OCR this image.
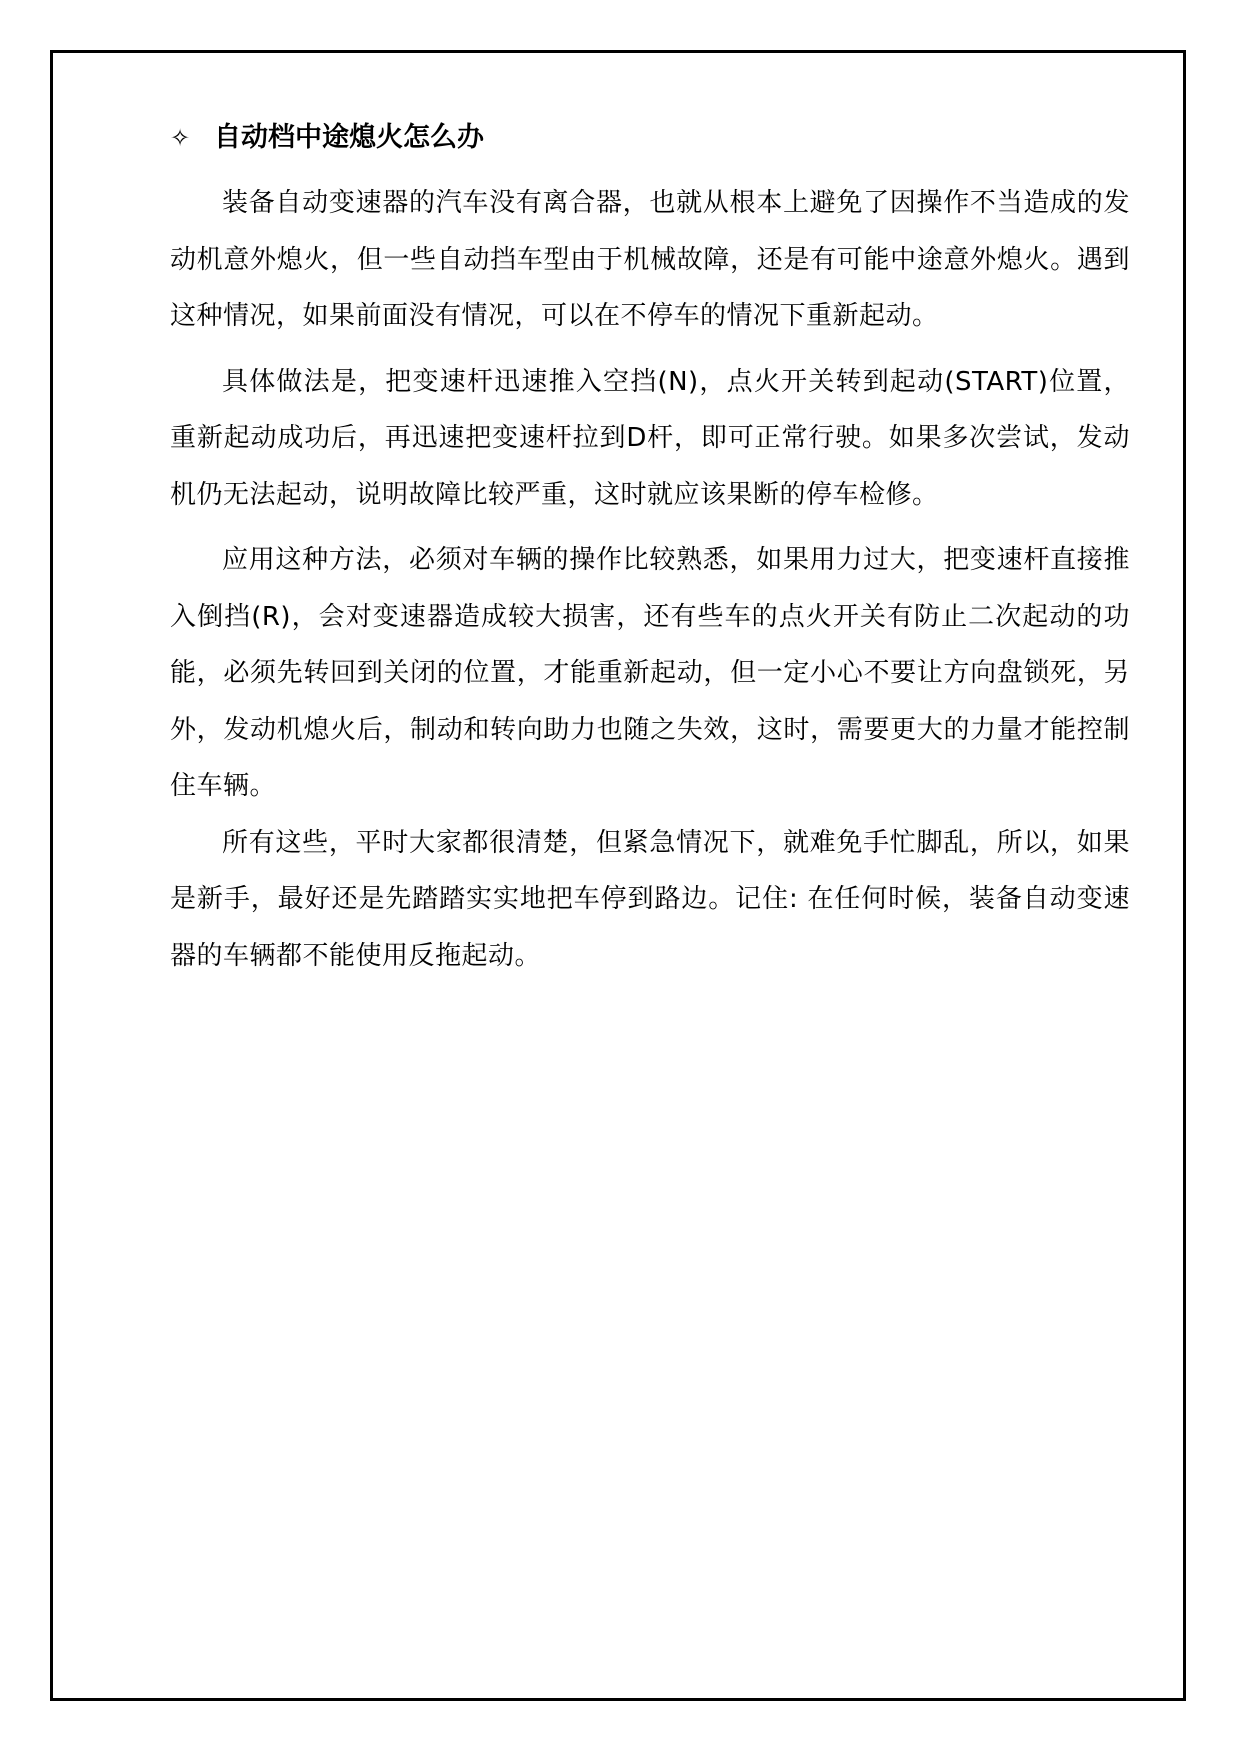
✧ 自动档中途熄火怎么办

装备自动变速器的汽车没有离合器，也就从根本上避免了因操作不当造成的发动机意外熄火，但一些自动挡车型由于机械故障，还是有可能中途意外熄火。遇到这种情况，如果前面没有情况，可以在不停车的情况下重新起动。

具体做法是，把变速杆迅速推入空挡(N)，点火开关转到起动(START)位置，重新起动成功后，再迅速把变速杆拉到D杆，即可正常行驶。如果多次尝试，发动机仍无法起动，说明故障比较严重，这时就应该果断的停车检修。

应用这种方法，必须对车辆的操作比较熟悉，如果用力过大，把变速杆直接推入倒挡(R)，会对变速器造成较大损害，还有些车的点火开关有防止二次起动的功能，必须先转回到关闭的位置，才能重新起动，但一定小心不要让方向盘锁死，另外，发动机熄火后，制动和转向助力也随之失效，这时，需要更大的力量才能控制住车辆。

所有这些，平时大家都很清楚，但紧急情况下，就难免手忙脚乱，所以，如果是新手，最好还是先踏踏实实地把车停到路边。记住: 在任何时候，装备自动变速器的车辆都不能使用反拖起动。
